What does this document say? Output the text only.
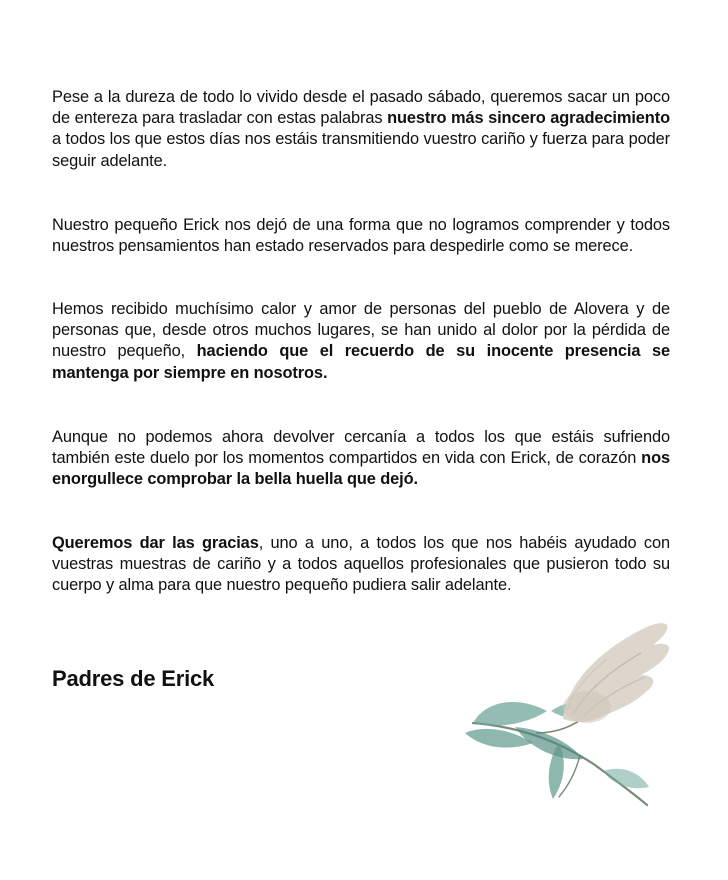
Pese a la dureza de todo lo vivido desde el pasado sábado, queremos sacar un poco de entereza para trasladar con estas palabras nuestro más sincero agradecimiento a todos los que estos días nos estáis transmitiendo vuestro cariño y fuerza para poder seguir adelante.

Nuestro pequeño Erick nos dejó de una forma que no logramos comprender y todos nuestros pensamientos han estado reservados para despedirle como se merece.

Hemos recibido muchísimo calor y amor de personas del pueblo de Alovera y de personas que, desde otros muchos lugares, se han unido al dolor por la pérdida de nuestro pequeño, haciendo que el recuerdo de su inocente presencia se mantenga por siempre en nosotros.

Aunque no podemos ahora devolver cercanía a todos los que estáis sufriendo también este duelo por los momentos compartidos en vida con Erick, de corazón nos enorgullece comprobar la bella huella que dejó.

Queremos dar las gracias, uno a uno, a todos los que nos habéis ayudado con vuestras muestras de cariño y a todos aquellos profesionales que pusieron todo su cuerpo y alma para que nuestro pequeño pudiera salir adelante.

Padres de Erick
